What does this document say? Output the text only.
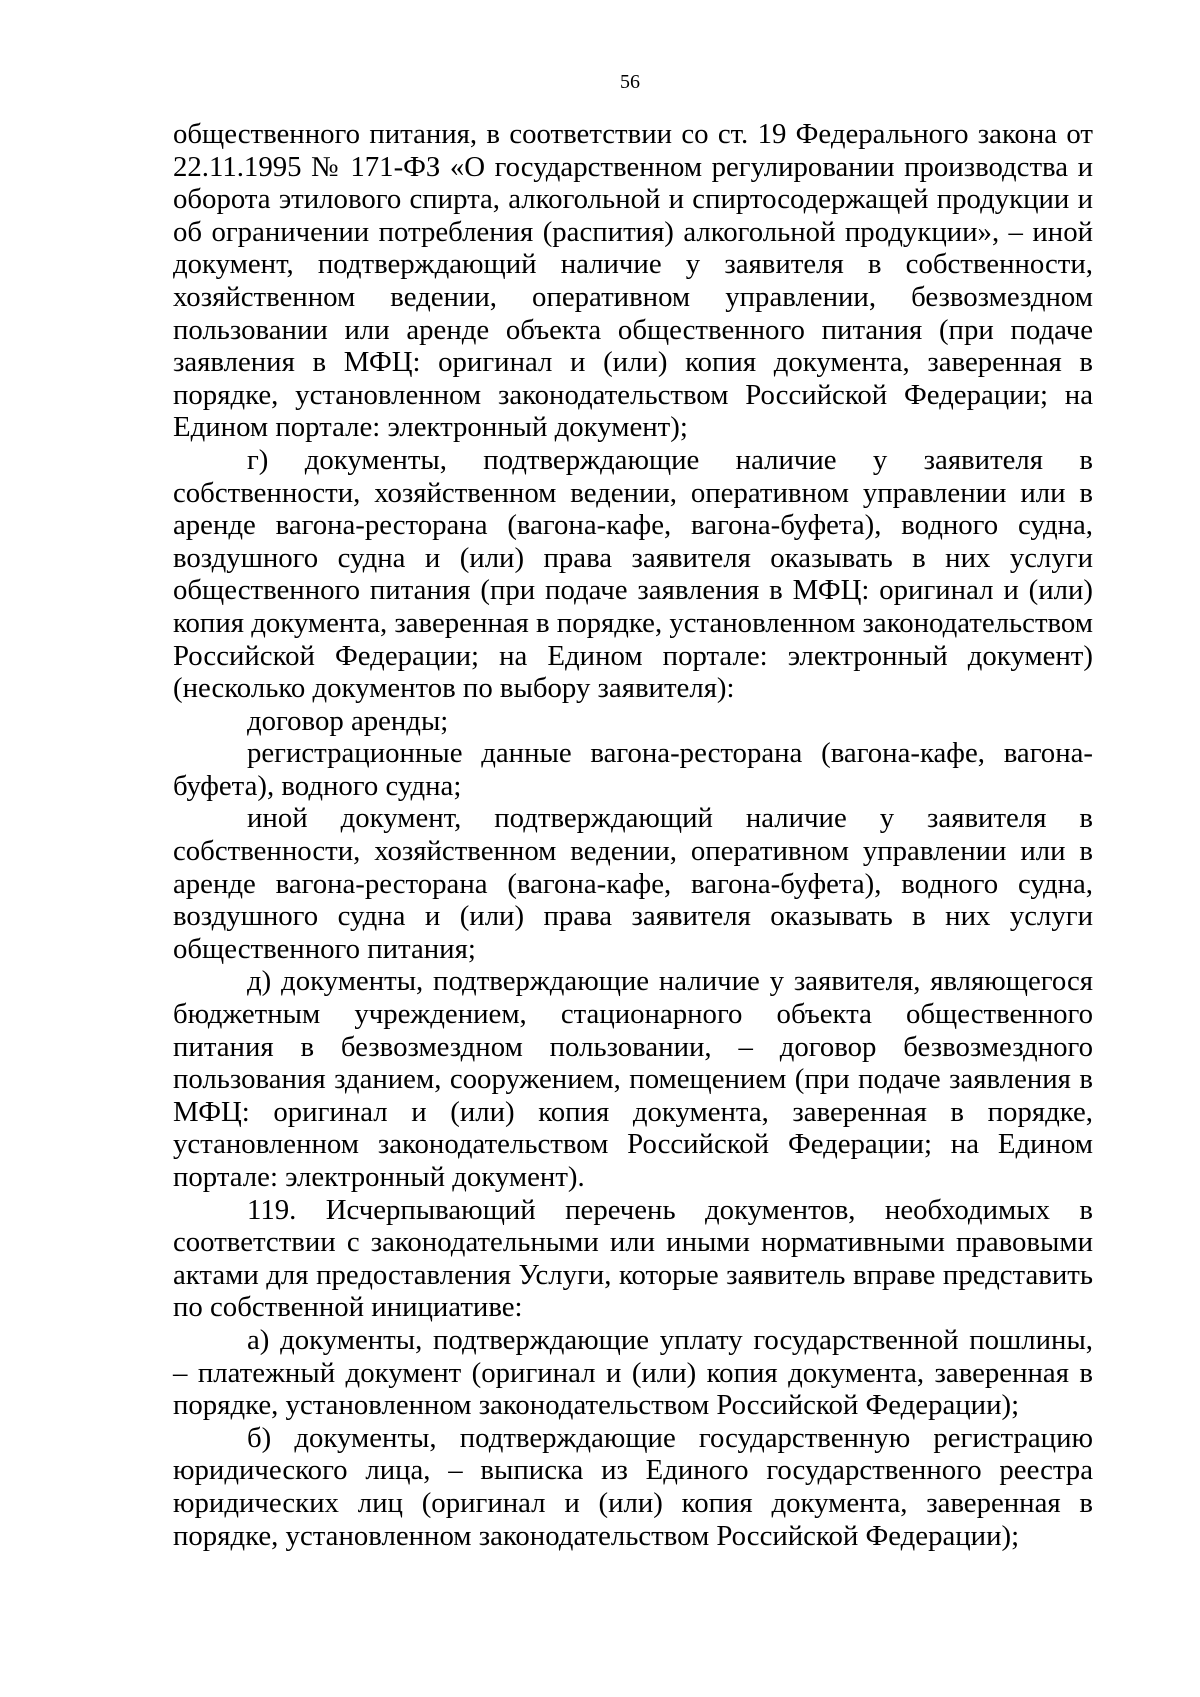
56

общественного питания, в соответствии со ст. 19 Федерального закона от 22.11.1995 № 171-ФЗ «О государственном регулировании производства и оборота этилового спирта, алкогольной и спиртосодержащей продукции и об ограничении потребления (распития) алкогольной продукции», – иной документ, подтверждающий наличие у заявителя в собственности, хозяйственном ведении, оперативном управлении, безвозмездном пользовании или аренде объекта общественного питания (при подаче заявления в МФЦ: оригинал и (или) копия документа, заверенная в порядке, установленном законодательством Российской Федерации; на Едином портале: электронный документ);

г) документы, подтверждающие наличие у заявителя в собственности, хозяйственном ведении, оперативном управлении или в аренде вагона-ресторана (вагона-кафе, вагона-буфета), водного судна, воздушного судна и (или) права заявителя оказывать в них услуги общественного питания (при подаче заявления в МФЦ: оригинал и (или) копия документа, заверенная в порядке, установленном законодательством Российской Федерации; на Едином портале: электронный документ) (несколько документов по выбору заявителя):

договор аренды;

регистрационные данные вагона-ресторана (вагона-кафе, вагона-буфета), водного судна;

иной документ, подтверждающий наличие у заявителя в собственности, хозяйственном ведении, оперативном управлении или в аренде вагона-ресторана (вагона-кафе, вагона-буфета), водного судна, воздушного судна и (или) права заявителя оказывать в них услуги общественного питания;

д) документы, подтверждающие наличие у заявителя, являющегося бюджетным учреждением, стационарного объекта общественного питания в безвозмездном пользовании, – договор безвозмездного пользования зданием, сооружением, помещением (при подаче заявления в МФЦ: оригинал и (или) копия документа, заверенная в порядке, установленном законодательством Российской Федерации; на Едином портале: электронный документ).

119. Исчерпывающий перечень документов, необходимых в соответствии с законодательными или иными нормативными правовыми актами для предоставления Услуги, которые заявитель вправе представить по собственной инициативе:

а) документы, подтверждающие уплату государственной пошлины, – платежный документ (оригинал и (или) копия документа, заверенная в порядке, установленном законодательством Российской Федерации);

б) документы, подтверждающие государственную регистрацию юридического лица, – выписка из Единого государственного реестра юридических лиц (оригинал и (или) копия документа, заверенная в порядке, установленном законодательством Российской Федерации);
